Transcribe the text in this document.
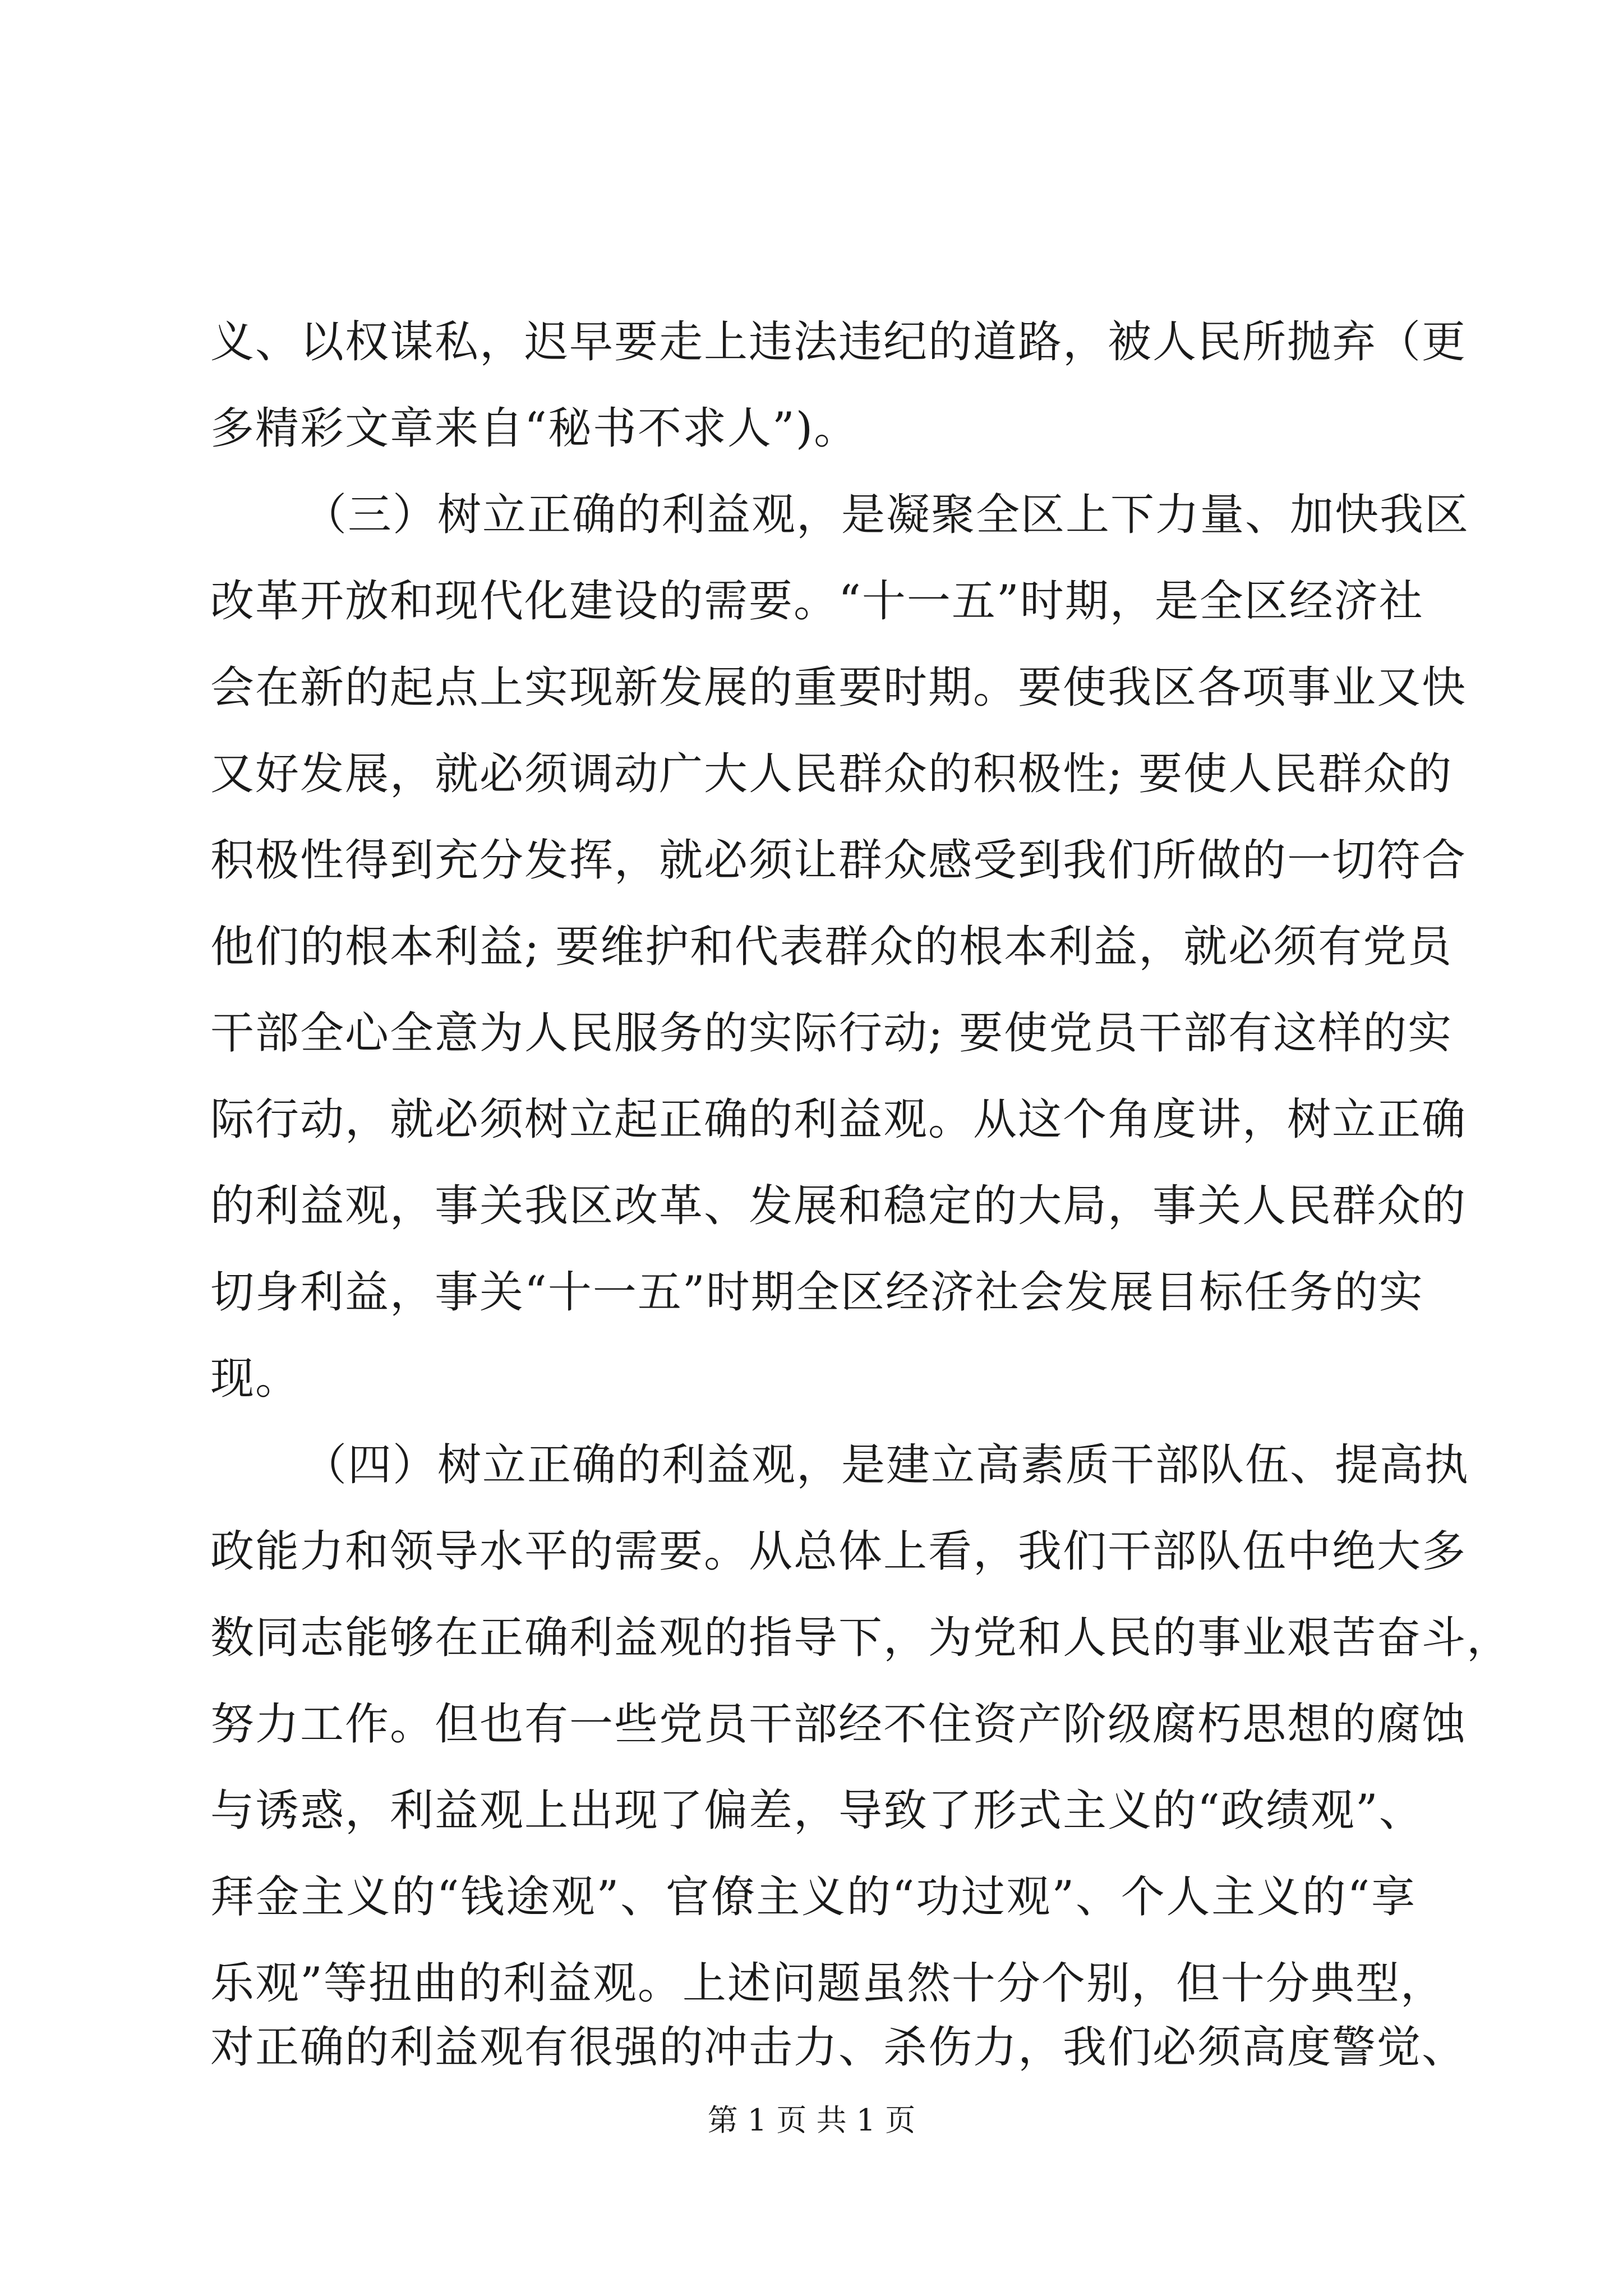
义、以权谋私，迟早要走上违法违纪的道路，被人民所抛弃（更
多精彩文章来自“秘书不求人”)。
（三）树立正确的利益观，是凝聚全区上下力量、加快我区
改革开放和现代化建设的需要。“十一五”时期，是全区经济社
会在新的起点上实现新发展的重要时期。要使我区各项事业又快
又好发展，就必须调动广大人民群众的积极性; 要使人民群众的
积极性得到充分发挥，就必须让群众感受到我们所做的一切符合
他们的根本利益; 要维护和代表群众的根本利益，就必须有党员
干部全心全意为人民服务的实际行动; 要使党员干部有这样的实
际行动，就必须树立起正确的利益观。从这个角度讲，树立正确
的利益观，事关我区改革、发展和稳定的大局，事关人民群众的
切身利益，事关“十一五”时期全区经济社会发展目标任务的实
现。
（四）树立正确的利益观，是建立高素质干部队伍、提高执
政能力和领导水平的需要。从总体上看，我们干部队伍中绝大多
数同志能够在正确利益观的指导下，为党和人民的事业艰苦奋斗，
努力工作。但也有一些党员干部经不住资产阶级腐朽思想的腐蚀
与诱惑，利益观上出现了偏差，导致了形式主义的“政绩观”、
拜金主义的“钱途观”、官僚主义的“功过观”、个人主义的“享
乐观”等扭曲的利益观。上述问题虽然十分个别，但十分典型，
对正确的利益观有很强的冲击力、杀伤力，我们必须高度警觉、
第 1 页 共 1 页
